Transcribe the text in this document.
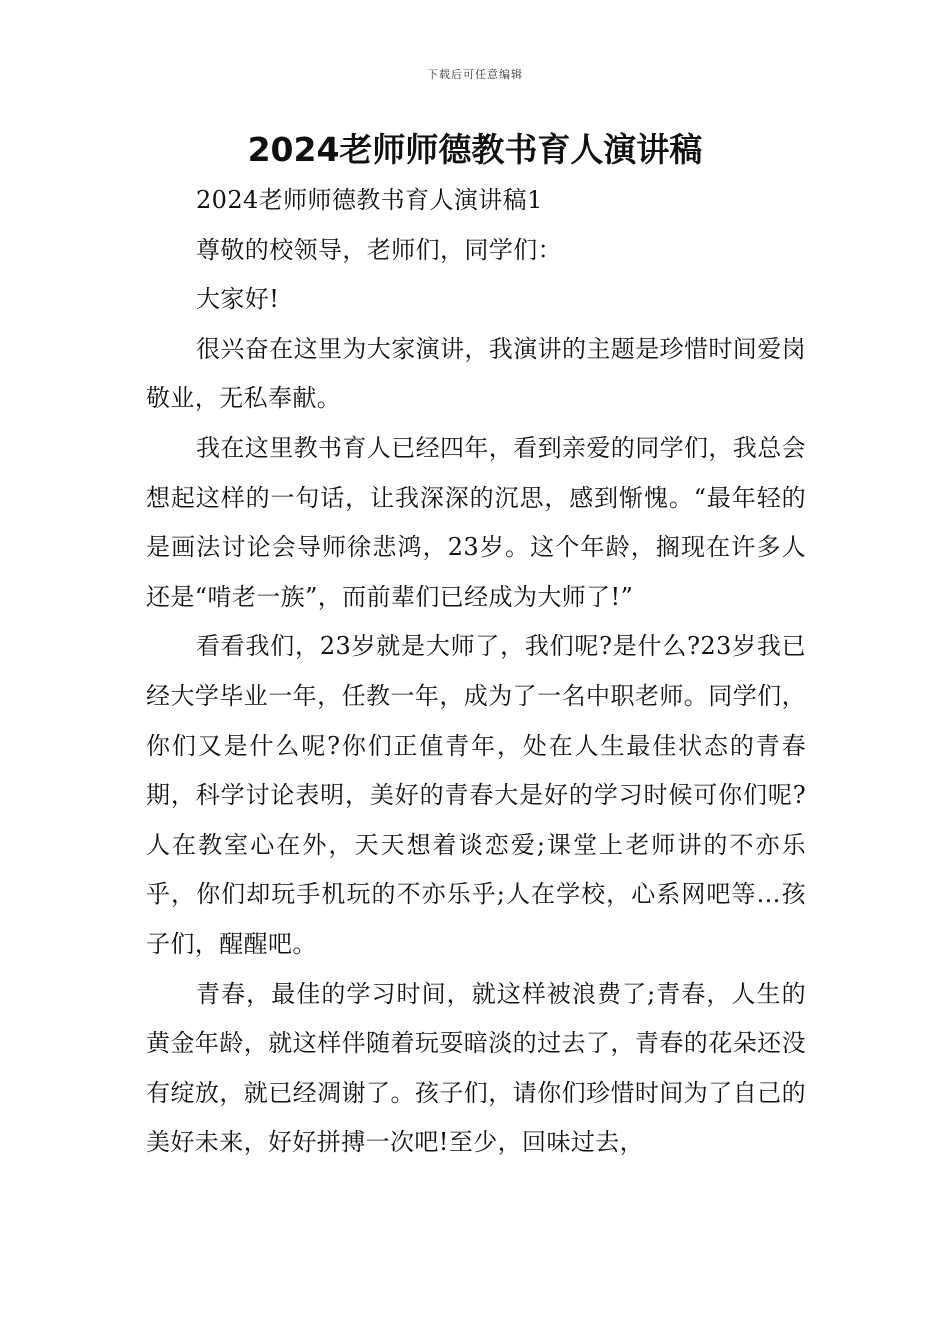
下载后可任意编辑
2024老师师德教书育人演讲稿

2024老师师德教书育人演讲稿1

尊敬的校领导，老师们，同学们：

大家好!

很兴奋在这里为大家演讲，我演讲的主题是珍惜时间爱岗敬业，无私奉献。

我在这里教书育人已经四年，看到亲爱的同学们，我总会想起这样的一句话，让我深深的沉思，感到惭愧。“最年轻的是画法讨论会导师徐悲鸿，23岁。这个年龄，搁现在许多人还是“啃老一族”，而前辈们已经成为大师了!”

看看我们，23岁就是大师了，我们呢?是什么?23岁我已经大学毕业一年，任教一年，成为了一名中职老师。同学们，你们又是什么呢?你们正值青年，处在人生最佳状态的青春期，科学讨论表明，美好的青春大是好的学习时候可你们呢?人在教室心在外，天天想着谈恋爱;课堂上老师讲的不亦乐乎，你们却玩手机玩的不亦乐乎;人在学校，心系网吧等…孩子们，醒醒吧。

青春，最佳的学习时间，就这样被浪费了;青春，人生的黄金年龄，就这样伴随着玩耍暗淡的过去了，青春的花朵还没有绽放，就已经凋谢了。孩子们，请你们珍惜时间为了自己的美好未来，好好拼搏一次吧!至少，回味过去，
